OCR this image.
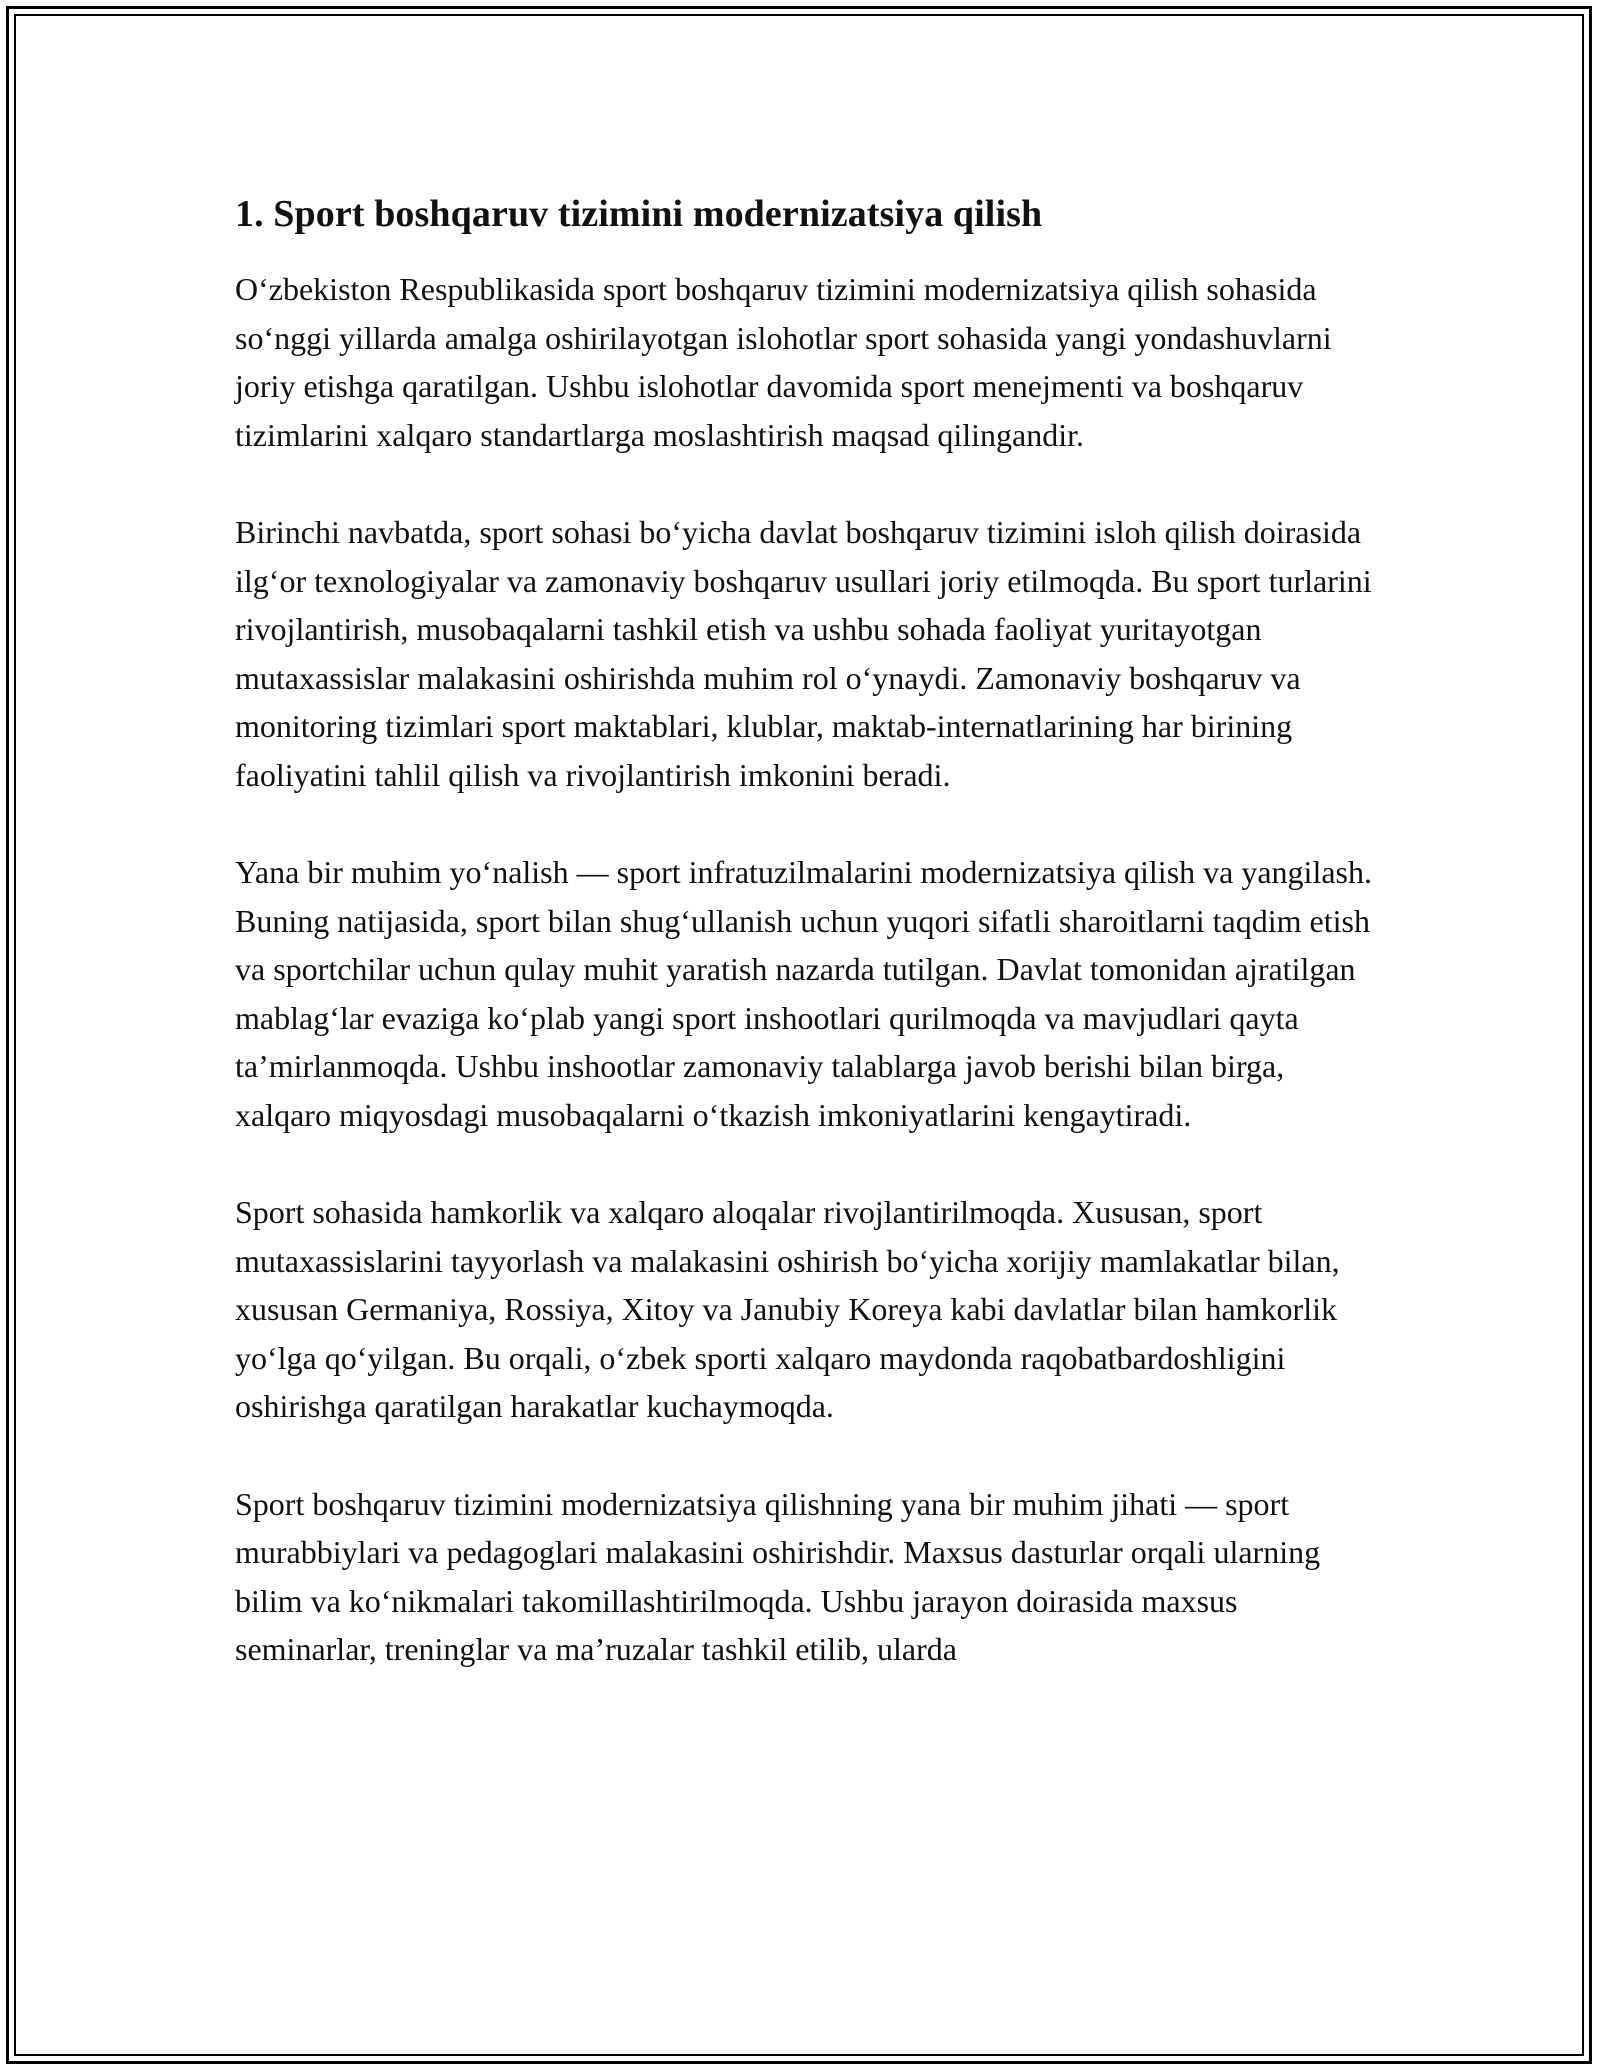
1. Sport boshqaruv tizimini modernizatsiya qilish

O‘zbekiston Respublikasida sport boshqaruv tizimini modernizatsiya qilish sohasida so‘nggi yillarda amalga oshirilayotgan islohotlar sport sohasida yangi yondashuvlarni joriy etishga qaratilgan. Ushbu islohotlar davomida sport menejmenti va boshqaruv tizimlarini xalqaro standartlarga moslashtirish maqsad qilingandir.

Birinchi navbatda, sport sohasi bo‘yicha davlat boshqaruv tizimini isloh qilish doirasida ilg‘or texnologiyalar va zamonaviy boshqaruv usullari joriy etilmoqda. Bu sport turlarini rivojlantirish, musobaqalarni tashkil etish va ushbu sohada faoliyat yuritayotgan mutaxassislar malakasini oshirishda muhim rol o‘ynaydi. Zamonaviy boshqaruv va monitoring tizimlari sport maktablari, klublar, maktab-internatlarining har birining faoliyatini tahlil qilish va rivojlantirish imkonini beradi.

Yana bir muhim yo‘nalish — sport infratuzilmalarini modernizatsiya qilish va yangilash. Buning natijasida, sport bilan shug‘ullanish uchun yuqori sifatli sharoitlarni taqdim etish va sportchilar uchun qulay muhit yaratish nazarda tutilgan. Davlat tomonidan ajratilgan mablag‘lar evaziga ko‘plab yangi sport inshootlari qurilmoqda va mavjudlari qayta ta’mirlanmoqda. Ushbu inshootlar zamonaviy talablarga javob berishi bilan birga, xalqaro miqyosdagi musobaqalarni o‘tkazish imkoniyatlarini kengaytiradi.

Sport sohasida hamkorlik va xalqaro aloqalar rivojlantirilmoqda. Xususan, sport mutaxassislarini tayyorlash va malakasini oshirish bo‘yicha xorijiy mamlakatlar bilan, xususan Germaniya, Rossiya, Xitoy va Janubiy Koreya kabi davlatlar bilan hamkorlik yo‘lga qo‘yilgan. Bu orqali, o‘zbek sporti xalqaro maydonda raqobatbardoshligini oshirishga qaratilgan harakatlar kuchaymoqda.

Sport boshqaruv tizimini modernizatsiya qilishning yana bir muhim jihati — sport murabbiylari va pedagoglari malakasini oshirishdir. Maxsus dasturlar orqali ularning bilim va ko‘nikmalari takomillashtirilmoqda. Ushbu jarayon doirasida maxsus seminarlar, treninglar va ma’ruzalar tashkil etilib, ularda
